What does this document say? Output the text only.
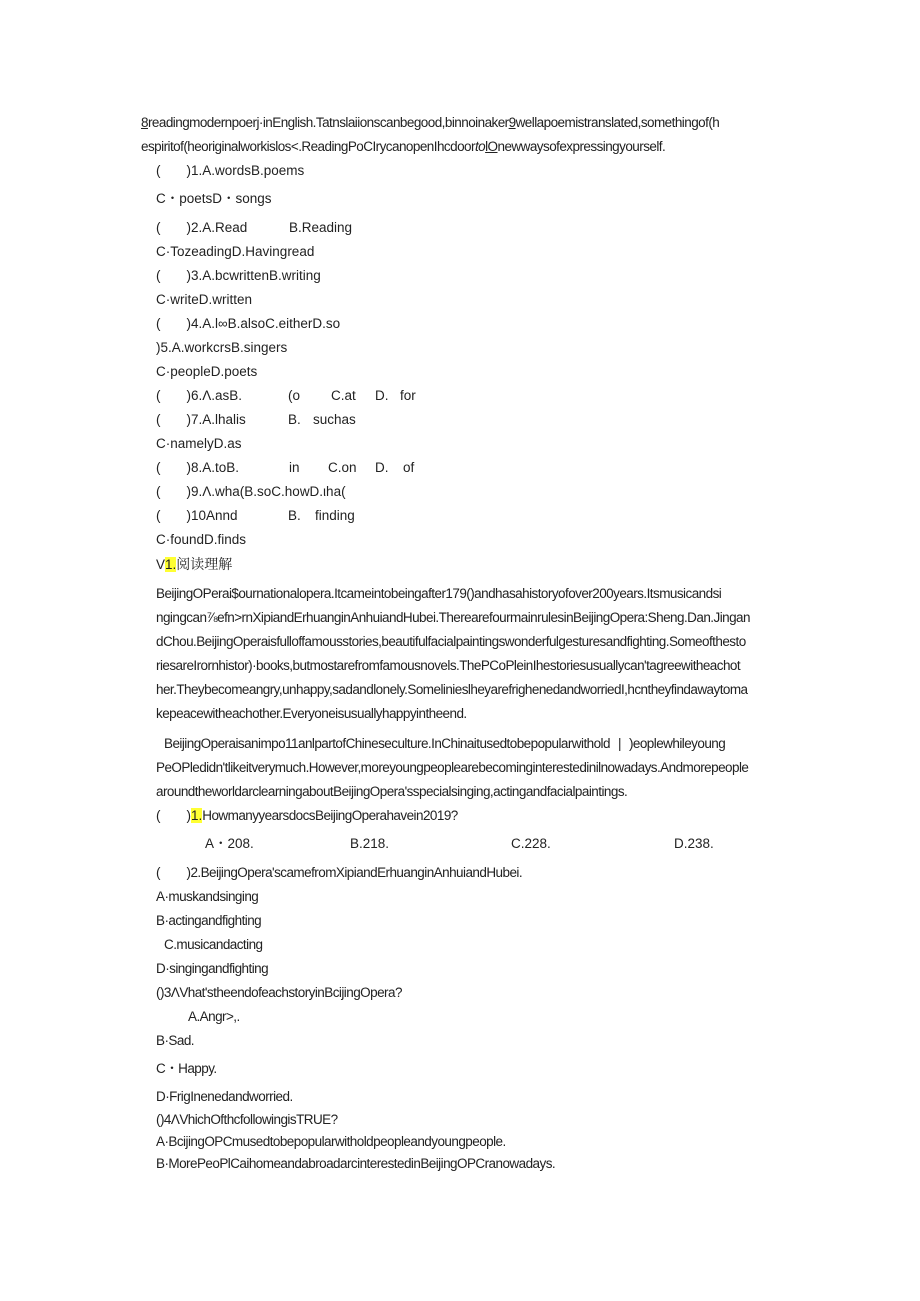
8readingmodernpoerj·inEnglish.Tatnslaiionscanbegood,binnoinaker9wellapoemistranslated,somethingof(h
espiritof(heoriginalworkislos<.ReadingPoCIrycanopenIhcdoortolOnewwaysofexpressingyourself.
( )1.A.wordsB.poems
C・poetsD・songs
( )2.A.Read	B.Reading
C·TozeadingD.Havingread
( )3.A.bcwrittenB.writing
C·writeD.written
( )4.A.l∞B.alsoC.eitherD.so
)5.A.workcrsB.singers
C·peopleD.poets
( )6.Λ.asB.	(o C.at D. for
( )7.A.lhalis	B. suchas
C·namelyD.as
( )8.A.toB.	in C.on D. of
( )9.Λ.wha(B.soC.howD.ιha(
( )10Annd	B. finding
C·foundD.finds
V1.阅读理解
BeijingOPerai$ournationalopera.Itcameintobeingafter179()andhasahistoryofover200years.Itsmusicandsi
ngingcan⅞efn>rnXipiandErhuanginAnhuiandHubei.TherearefourmainrulesinBeijingOpera:Sheng.Dan.Jingan
dChou.BeijingOperaisfulloffamousstories,beautifulfacialpaintingswonderfulgesturesandfighting.Someofthesto
riesareIrornhistor)·books,butmostarefromfamousnovels.ThePCoPleinIhestoriesusuallycan'tagreewitheachot
her.Theybecomeangry,unhappy,sadandlonely.SomelinieslheyarefrighenedandworriedI,hcntheyfindawaytoma
kepeacewitheachother.Everyoneisusuallyhappyintheend.
BeijingOperaisanimpo11anlpartofChineseculture.InChinaitusedtobepopularwithold | )eoplewhileyoung
PeOPledidn'tlikeitverymuch.However,moreyoungpeoplearebecominginterestedinilnowadays.Andmorepeople
aroundtheworldarclearningaboutBeijingOpera'sspecialsinging,actingandfacialpaintings.
( )1.HowmanyyearsdocsBeijingOperahavein2019?
A・208.	B.218.	C.228.	D.238.
( )2.BeijingOpera'scamefromXipiandErhuanginAnhuiandHubei.
A·muskandsinging
B·actingandfighting
C.musicandacting
D·singingandfighting
()3ΛVhat'stheendofeachstoryinBcijingOpera?
A.Angr>,.
B·Sad.
C・Happy.
D·FrigInenedandworried.
()4ΛVhichOfthcfollowingisTRUE?
A·BcijingOPCmusedtobepopularwitholdpeopleandyoungpeople.
B·MorePeoPlCaihomeandabroadarcinterestedinBeijingOPCranowadays.
